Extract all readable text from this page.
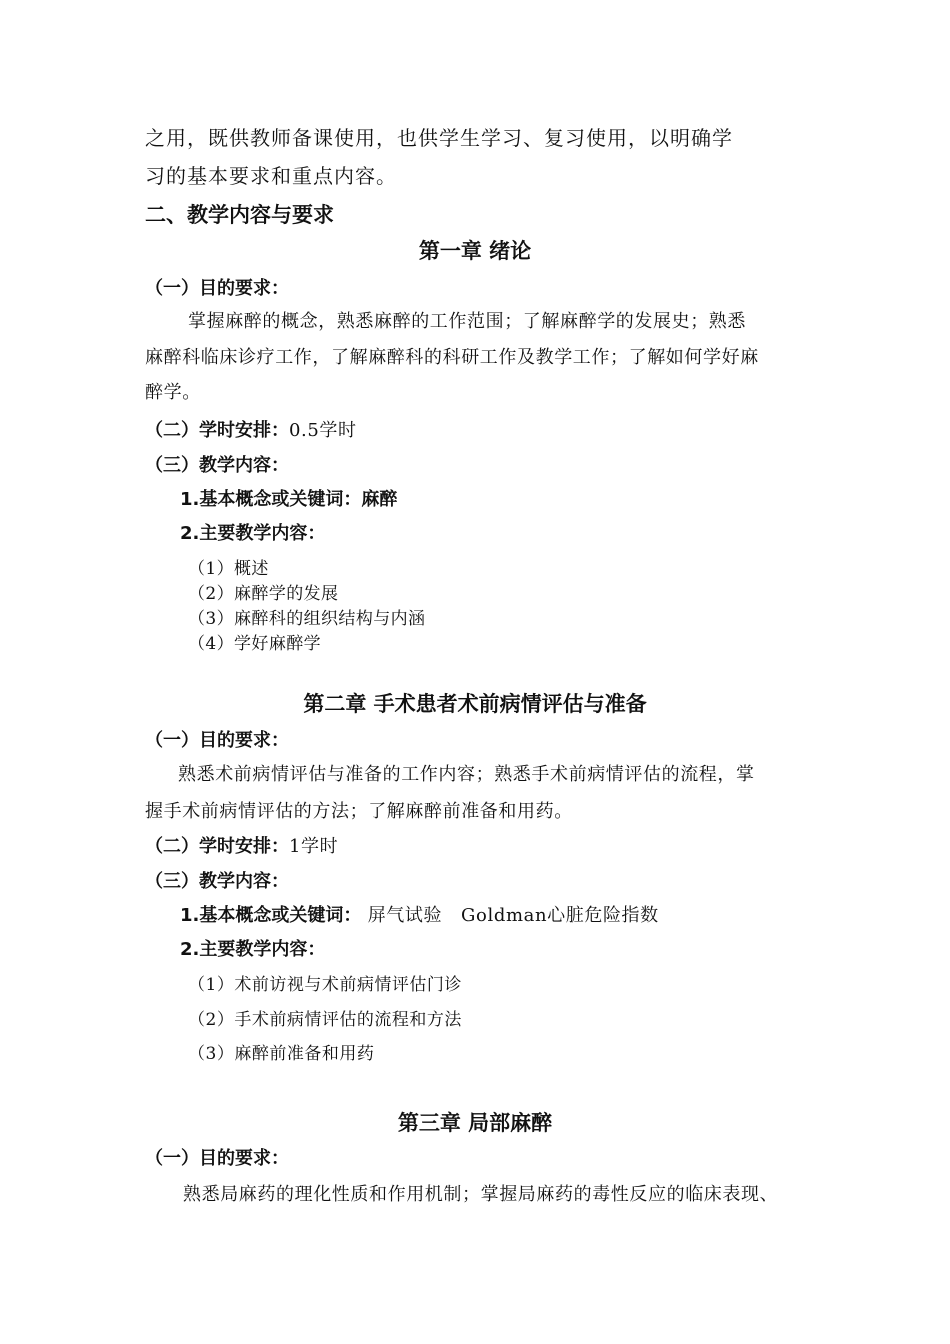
之用，既供教师备课使用，也供学生学习、复习使用，以明确学
习的基本要求和重点内容。
二、教学内容与要求
第一章 绪论
（一）目的要求：
掌握麻醉的概念，熟悉麻醉的工作范围；了解麻醉学的发展史；熟悉
麻醉科临床诊疗工作，了解麻醉科的科研工作及教学工作；了解如何学好麻
醉学。
（二）学时安排：0.5学时
（三）教学内容：
1.基本概念或关键词：麻醉
2.主要教学内容：
（1）概述
（2）麻醉学的发展
（3）麻醉科的组织结构与内涵
（4）学好麻醉学
第二章 手术患者术前病情评估与准备
（一）目的要求：
熟悉术前病情评估与准备的工作内容；熟悉手术前病情评估的流程，掌
握手术前病情评估的方法；了解麻醉前准备和用药。
（二）学时安排：1学时
（三）教学内容：
1.基本概念或关键词： 屏气试验   Goldman心脏危险指数
2.主要教学内容：
（1）术前访视与术前病情评估门诊
（2）手术前病情评估的流程和方法
（3）麻醉前准备和用药
第三章 局部麻醉
（一）目的要求：
熟悉局麻药的理化性质和作用机制；掌握局麻药的毒性反应的临床表现、
